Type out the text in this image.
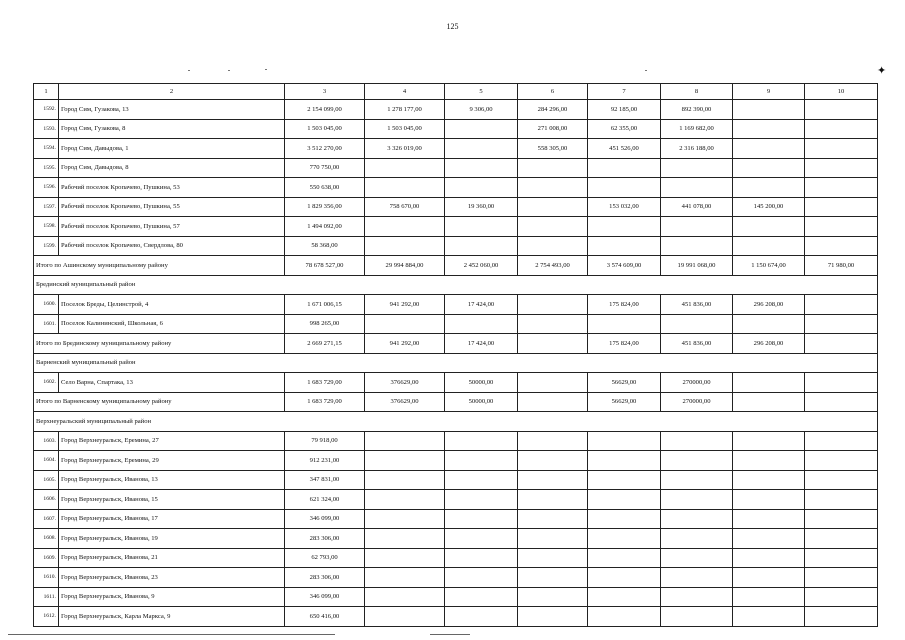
125
1	2	3	4	5	6	7	8	9	10
1592.	Город Сим, Гузакова, 13	2 154 099,00	1 278 177,00	9 306,00	284 296,00	92 185,00	892 390,00		
1593.	Город Сим, Гузакова, 8	1 503 045,00	1 503 045,00		271 008,00	62 355,00	1 169 682,00		
1594.	Город Сим, Давыдова, 1	3 512 270,00	3 326 019,00		558 305,00	451 526,00	2 316 188,00		
1595.	Город Сим, Давыдова, 8	770 750,00							
1596.	Рабочий поселок Кропачево, Пушкина, 53	550 638,00							
1597.	Рабочий поселок Кропачево, Пушкина, 55	1 829 356,00	758 670,00	19 360,00		153 032,00	441 078,00	145 200,00	
1598.	Рабочий поселок Кропачево, Пушкина, 57	1 494 092,00							
1599.	Рабочий поселок Кропачево, Свердлова, 80	58 368,00							
Итого по Ашинскому муниципальному району		78 678 527,00	29 994 884,00	2 452 060,00	2 754 493,00	3 574 609,00	19 991 068,00	1 150 674,00	71 980,00
Брединский муниципальный район									
1600.	Поселок Бреды, Целинстрой, 4	1 671 006,15	941 292,00	17 424,00		175 824,00	451 836,00	296 208,00	
1601.	Поселок Калининский, Школьная, 6	998 265,00							
Итого по Брединскому муниципальному району		2 669 271,15	941 292,00	17 424,00		175 824,00	451 836,00	296 208,00	
Варненский муниципальный район									
1602.	Село Варна, Спартака, 13	1 683 729,00	376629,00	50000,00		56629,00	270000,00		
Итого по Варненскому муниципальному району		1 683 729,00	376629,00	50000,00		56629,00	270000,00		
Верхнеуральский муниципальный район									
1603.	Город Верхнеуральск, Еремина, 27	79 918,00							
1604.	Город Верхнеуральск, Еремина, 29	912 231,00							
1605.	Город Верхнеуральск, Иванова, 13	347 831,00							
1606.	Город Верхнеуральск, Иванова, 15	621 324,00							
1607.	Город Верхнеуральск, Иванова, 17	346 099,00							
1608.	Город Верхнеуральск, Иванова, 19	283 306,00							
1609.	Город Верхнеуральск, Иванова, 21	62 793,00							
1610.	Город Верхнеуральск, Иванова, 23	283 306,00							
1611.	Город Верхнеуральск, Иванова, 9	346 099,00							
1612.	Город Верхнеуральск, Карла Маркса, 9	650 416,00							
✦
